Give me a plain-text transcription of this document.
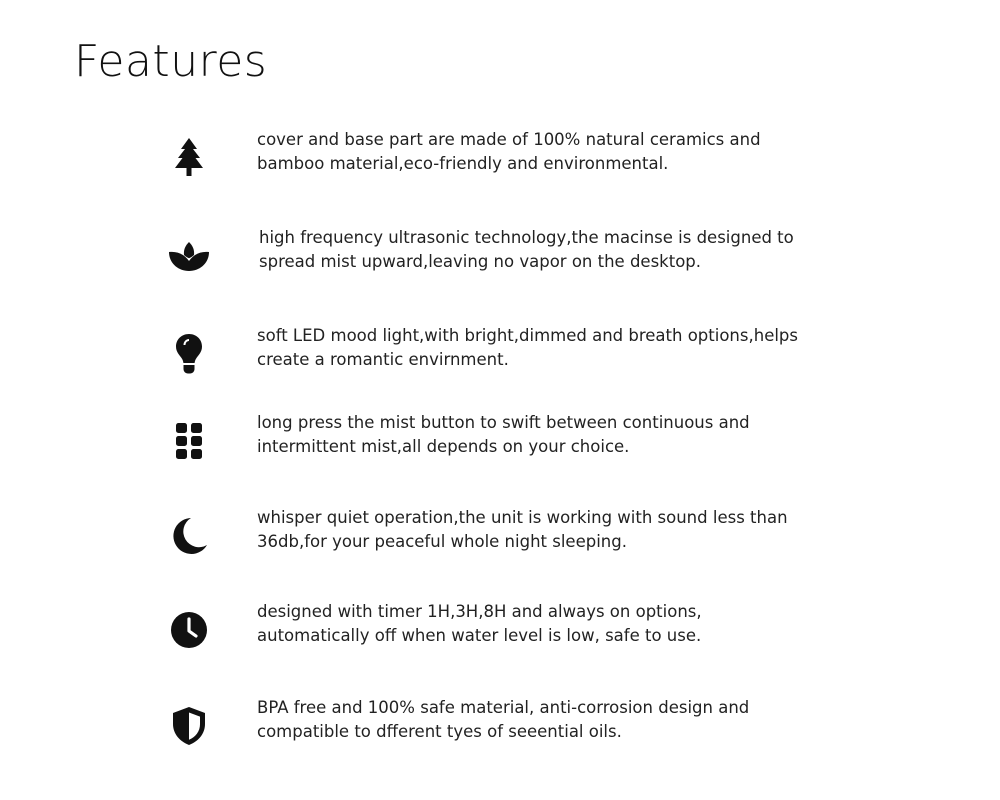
Features

cover and base part are made of 100% natural ceramics and bamboo material,eco-friendly and environmental.

high frequency ultrasonic technology,the macinse is designed to spread mist upward,leaving no vapor on the desktop.

soft LED mood light,with bright,dimmed and breath options,helps create a romantic envirnment.

long press the mist button to swift between continuous and intermittent mist,all depends on your choice.

whisper quiet operation,the unit is working with sound less than 36db,for your peaceful whole night sleeping.

designed with timer 1H,3H,8H and always on options, automatically off when water level is low, safe to use.

BPA free and 100% safe material, anti-corrosion design and compatible to dfferent tyes of seeential oils.
